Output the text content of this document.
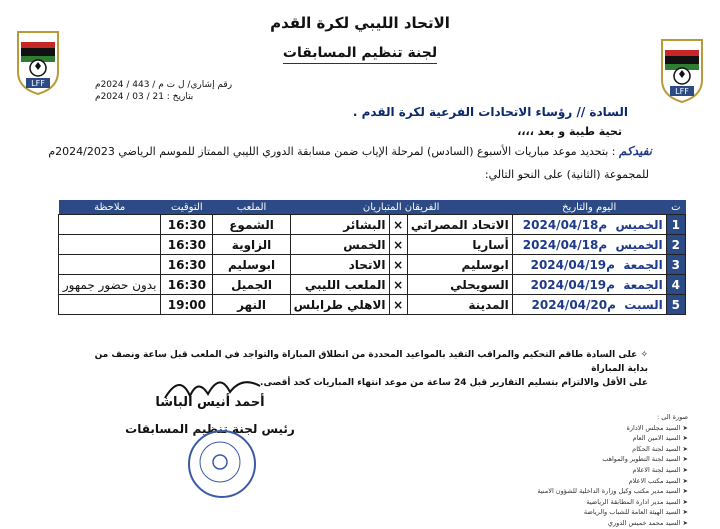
LFF
LFF
الاتحاد الليبي لكرة القدم
لجنة تنظيم المسابقات
رقم إشاري/ ل ت م / 443 / 2024م
بتاريخ : 21 / 03 / 2024م
السادة // رؤساء الاتحادات الفرعية لكرة القدم .
تحية طيبة و بعد ،،،،
نفيدكم : بتحديد موعد مباريات الأسبوع (السادس) لمرحلة الإياب ضمن مسابقة الدوري الليبي الممتاز للموسم الرياضي 2024/2023م
للمجموعة (الثانية) على النحو التالي:
ت	اليوم والتاريخ	الفريقان المتباريان			الملعب	التوقيت	ملاحظة
1	الخميس  2024/04/18م	الاتحاد المصراتي	×	البشائر	الشموع	16:30	
2	الخميس  2024/04/18م	أساريا	×	الخمس	الزاوية	16:30	
3	الجمعة  2024/04/19م	ابوسليم	×	الاتحاد	ابوسليم	16:30	
4	الجمعة  2024/04/19م	السويحلي	×	الملعب الليبي	الجميل	16:30	بدون حضور جمهور
5	السبت  2024/04/20م	المدينة	×	الاهلي طرابلس	النهر	19:00	
✧ على السادة طاقم التحكيم والمراقب التقيد بالمواعيد المحددة من انطلاق المباراة والتواجد في الملعب قبل ساعة ونصف من بداية المباراة
على الأقل والالتزام بتسليم التقارير قبل 24 ساعة من موعد انتهاء المباريات كحد أقصى.
أحمد أنيس الباشا
رئيس لجنة تنظيم المسابقات
صورة الى :
➤ السيد مجلس الادارة
➤ السيد الامين العام
➤ السيد لجنة الحكام
➤ السيد لجنة التطوير والمواهب
➤ السيد لجنة الاعلام
➤ السيد مكتب الاعلام
➤ السيد مدير مكتب وكيل وزارة الداخلية للشؤون الامنية
➤ السيد مدير ادارة المطابقة الرياضية
➤ السيد الهيئة العامة للشباب والرياضة
➤ السيد محمد خميس الدوري
